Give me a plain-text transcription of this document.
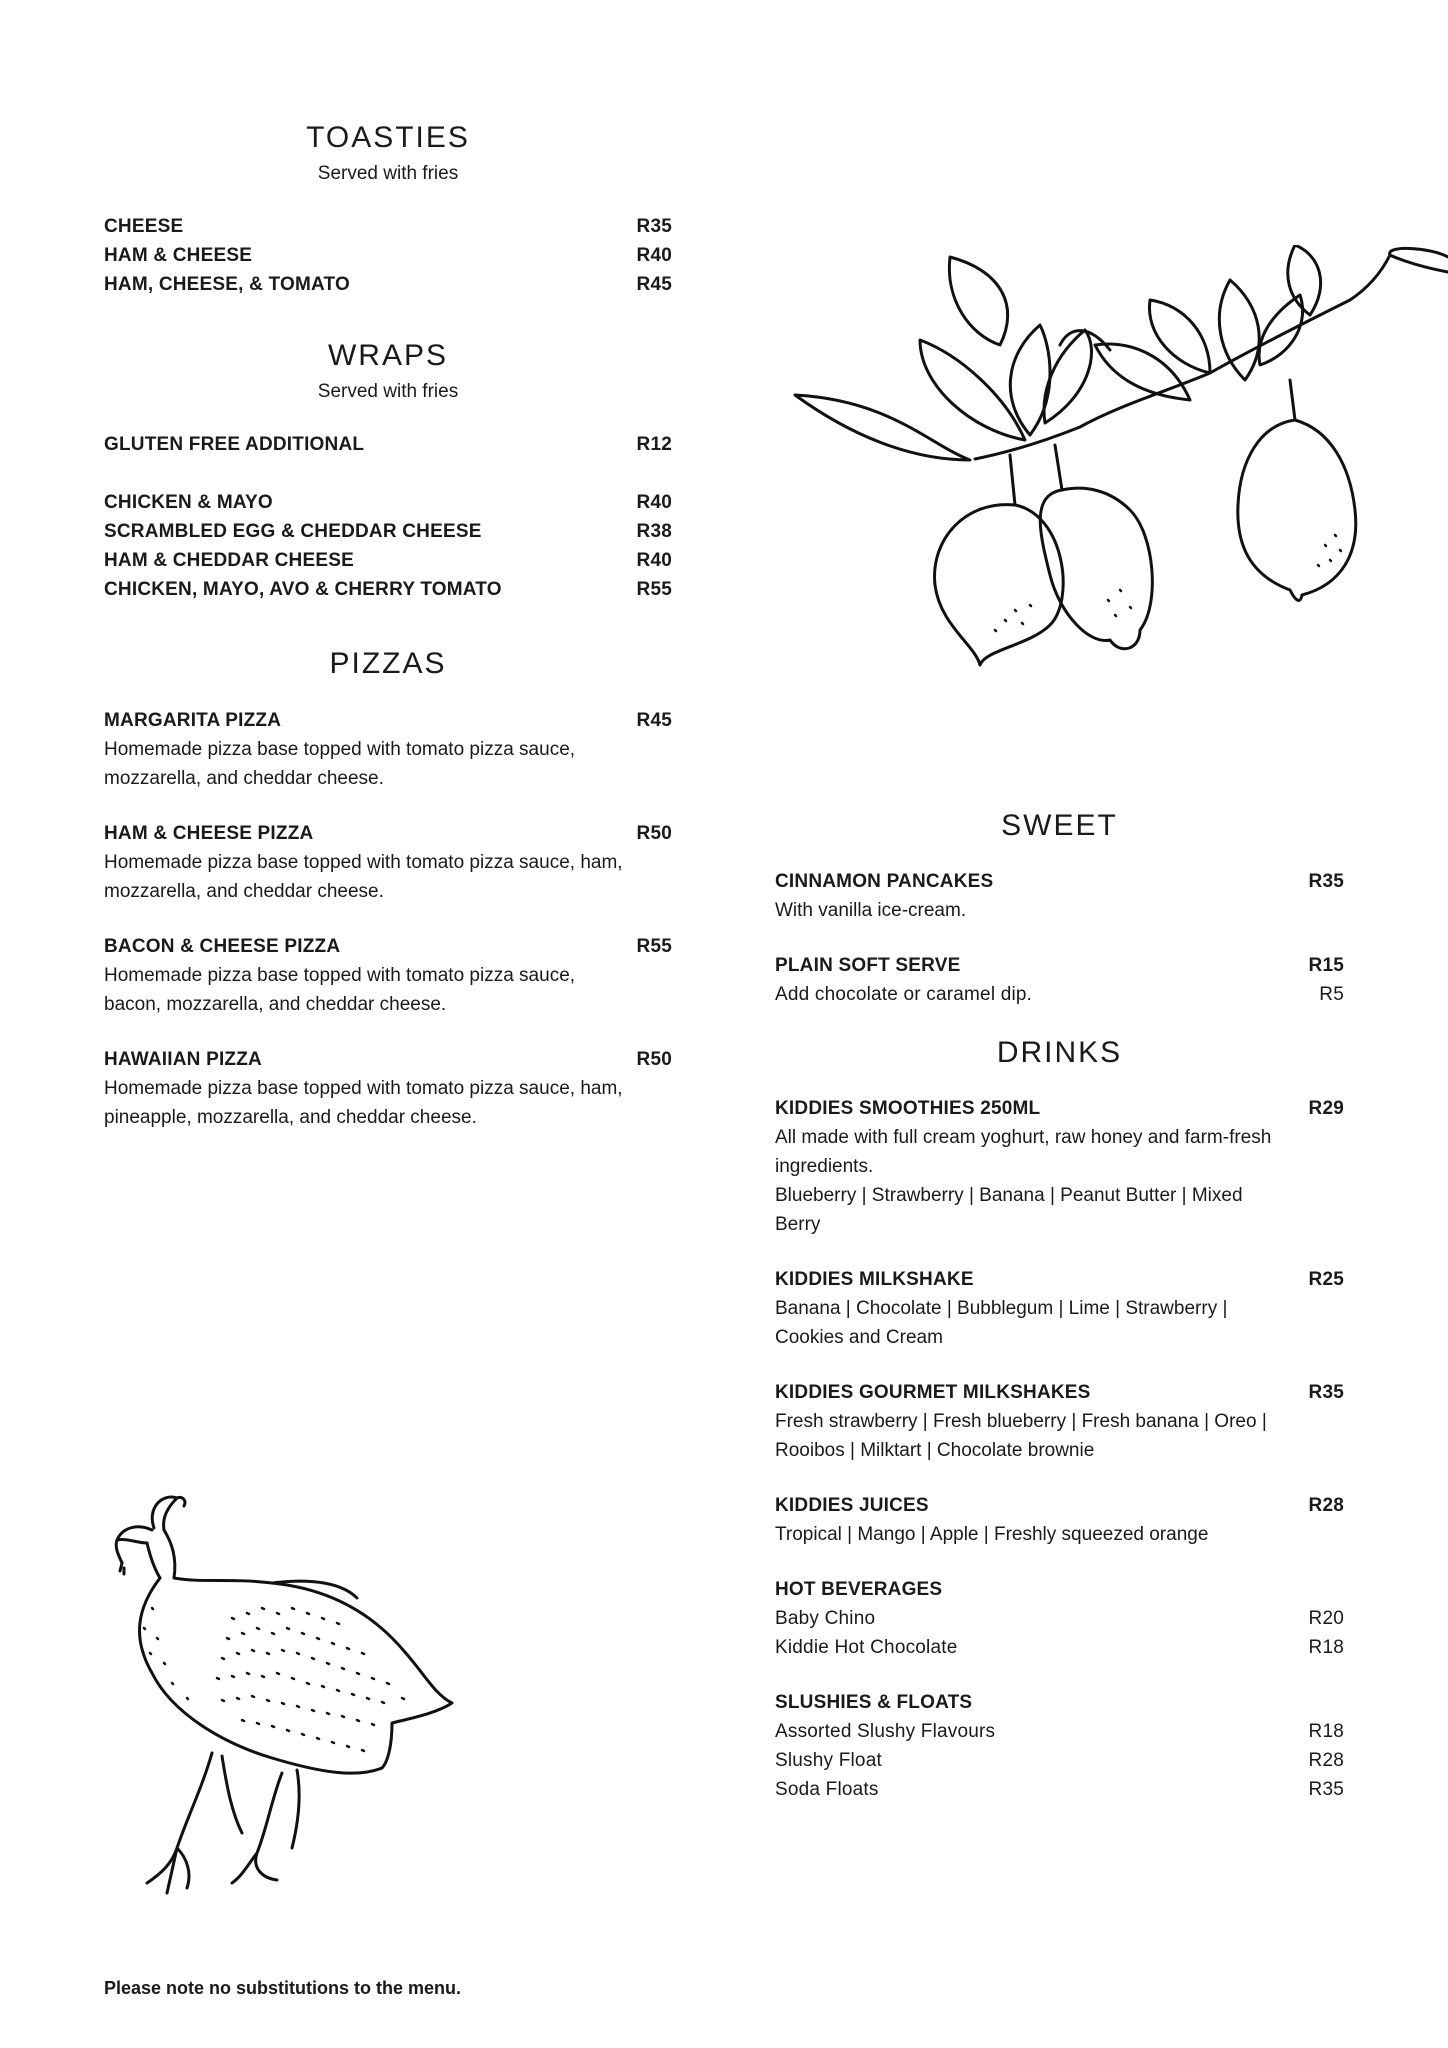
TOASTIES
Served with fries
CHEESE	R35
HAM & CHEESE	R40
HAM, CHEESE, & TOMATO	R45
WRAPS
Served with fries
GLUTEN FREE ADDITIONAL	R12
CHICKEN & MAYO	R40
SCRAMBLED EGG & CHEDDAR CHEESE	R38
HAM & CHEDDAR CHEESE	R40
CHICKEN, MAYO, AVO & CHERRY TOMATO	R55
PIZZAS
MARGARITA PIZZA	R45
Homemade pizza base topped with tomato pizza sauce,
mozzarella, and cheddar cheese.
HAM & CHEESE PIZZA	R50
Homemade pizza base topped with tomato pizza sauce, ham,
mozzarella, and cheddar cheese.
BACON & CHEESE PIZZA	R55
Homemade pizza base topped with tomato pizza sauce,
bacon, mozzarella, and cheddar cheese.
HAWAIIAN PIZZA	R50
Homemade pizza base topped with tomato pizza sauce, ham,
pineapple, mozzarella, and cheddar cheese.
SWEET
CINNAMON PANCAKES	R35
With vanilla ice-cream.
PLAIN SOFT SERVE	R15
Add chocolate or caramel dip.	R5
DRINKS
KIDDIES SMOOTHIES 250ML	R29
All made with full cream yoghurt, raw honey and farm-fresh
ingredients.
Blueberry | Strawberry | Banana | Peanut Butter | Mixed
Berry
KIDDIES MILKSHAKE	R25
Banana | Chocolate | Bubblegum | Lime | Strawberry |
Cookies and Cream
KIDDIES GOURMET MILKSHAKES	R35
Fresh strawberry | Fresh blueberry | Fresh banana | Oreo |
Rooibos | Milktart | Chocolate brownie
KIDDIES JUICES	R28
Tropical | Mango | Apple | Freshly squeezed orange
HOT BEVERAGES
Baby Chino	R20
Kiddie Hot Chocolate	R18
SLUSHIES & FLOATS
Assorted Slushy Flavours	R18
Slushy Float	R28
Soda Floats	R35
Please note no substitutions to the menu.
